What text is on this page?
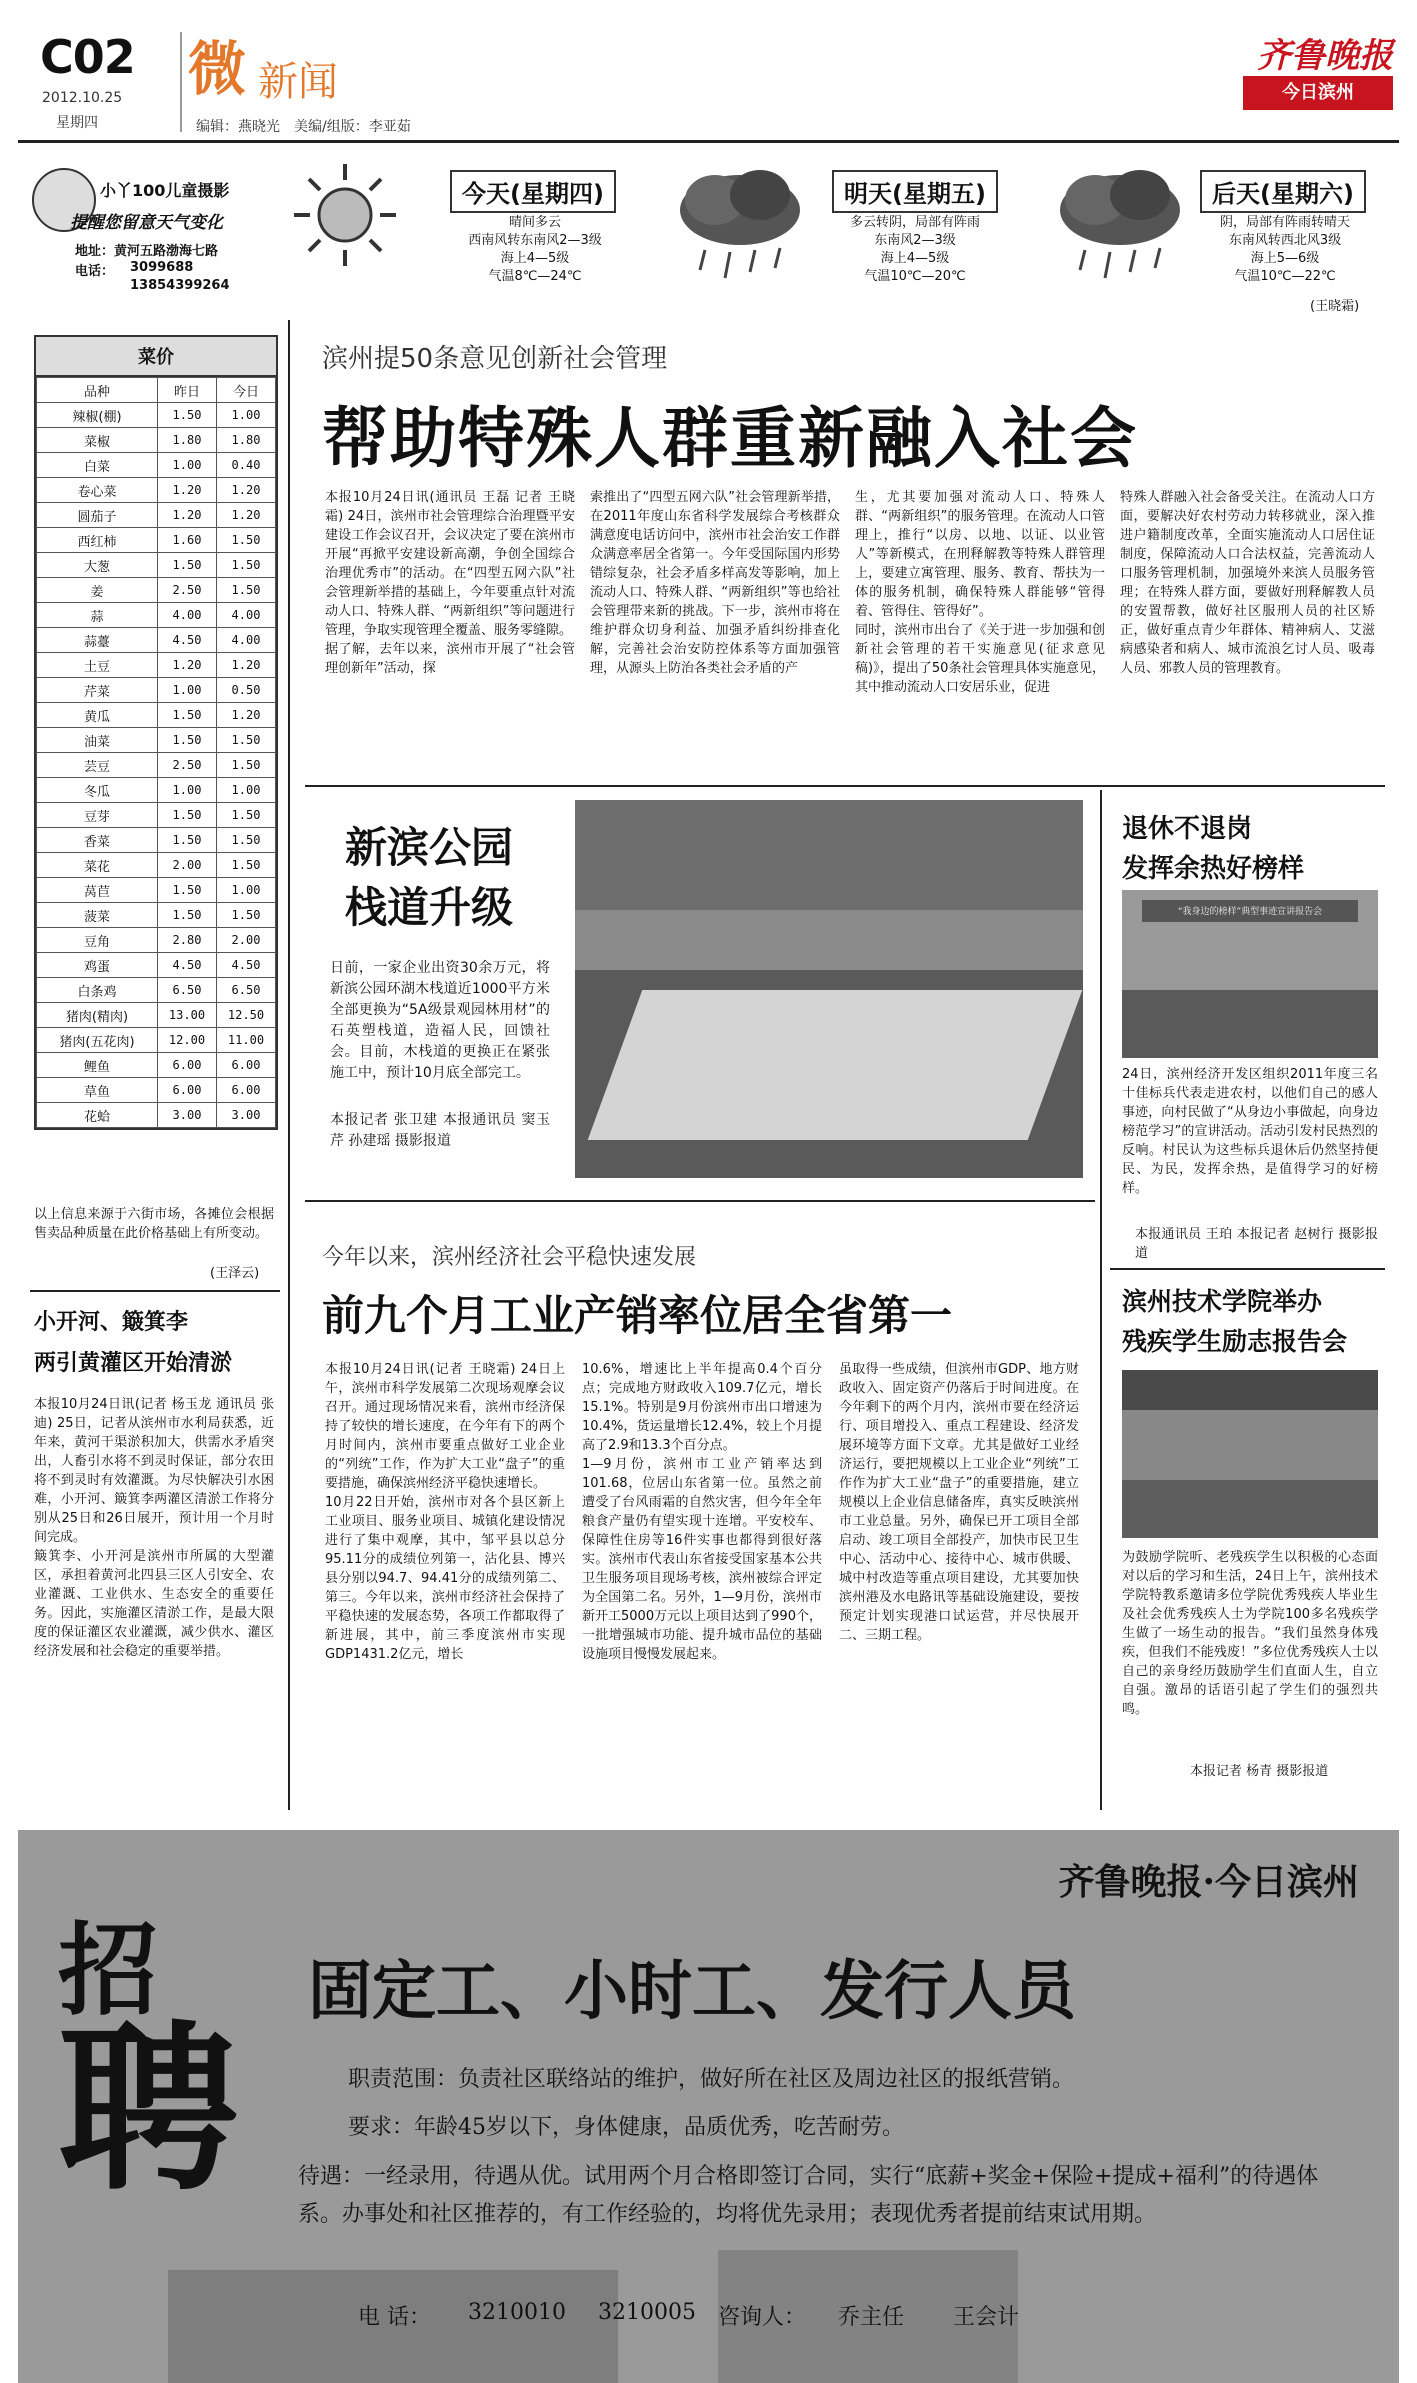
C02
2012.10.25
星期四
微 新闻
编辑：燕晓光　美编/组版：李亚茹
齐鲁晚报
今日滨州
小丫100儿童摄影
提醒您留意天气变化
地址：黄河五路渤海七路
电话： 3099688
13854399264
今天(星期四)
晴间多云
西南风转东南风2—3级
海上4—5级
气温8℃—24℃
明天(星期五)
多云转阴，局部有阵雨
东南风2—3级
海上4—5级
气温10℃—20℃
后天(星期六)
阴，局部有阵雨转晴天
东南风转西北风3级
海上5—6级
气温10℃—22℃
(王晓霜)
菜价
品种	昨日	今日
辣椒(棚)	1.50	1.00
菜椒	1.80	1.80
白菜	1.00	0.40
卷心菜	1.20	1.20
圆茄子	1.20	1.20
西红柿	1.60	1.50
大葱	1.50	1.50
姜	2.50	1.50
蒜	4.00	4.00
蒜薹	4.50	4.00
土豆	1.20	1.20
芹菜	1.00	0.50
黄瓜	1.50	1.20
油菜	1.50	1.50
芸豆	2.50	1.50
冬瓜	1.00	1.00
豆芽	1.50	1.50
香菜	1.50	1.50
菜花	2.00	1.50
莴苣	1.50	1.00
菠菜	1.50	1.50
豆角	2.80	2.00
鸡蛋	4.50	4.50
白条鸡	6.50	6.50
猪肉(精肉)	13.00	12.50
猪肉(五花肉)	12.00	11.00
鲤鱼	6.00	6.00
草鱼	6.00	6.00
花蛤	3.00	3.00
以上信息来源于六街市场，各摊位会根据售卖品种质量在此价格基础上有所变动。
(王泽云)
小开河、簸箕李
两引黄灌区开始清淤
本报10月24日讯(记者 杨玉龙 通讯员 张迪) 25日，记者从滨州市水利局获悉，近年来，黄河干渠淤积加大，供需水矛盾突出，人畜引水将不到灵时保证，部分农田将不到灵时有效灌溉。为尽快解决引水困难，小开河、簸箕李两灌区清淤工作将分别从25日和26日展开，预计用一个月时间完成。
簸箕李、小开河是滨州市所属的大型灌区，承担着黄河北四县三区人引安全、农业灌溉、工业供水、生态安全的重要任务。因此，实施灌区清淤工作，是最大限度的保证灌区农业灌溉，减少供水、灌区经济发展和社会稳定的重要举措。
滨州提50条意见创新社会管理
帮助特殊人群重新融入社会
本报10月24日讯(通讯员 王磊 记者 王晓霜) 24日，滨州市社会管理综合治理暨平安建设工作会议召开，会议决定了要在滨州市开展“再掀平安建设新高潮，争创全国综合治理优秀市”的活动。在“四型五网六队”社会管理新举措的基础上，今年要重点针对流动人口、特殊人群、“两新组织”等问题进行管理，争取实现管理全覆盖、服务零缝隙。
据了解，去年以来，滨州市开展了“社会管理创新年”活动，探
索推出了“四型五网六队”社会管理新举措，在2011年度山东省科学发展综合考核群众满意度电话访问中，滨州市社会治安工作群众满意率居全省第一。今年受国际国内形势错综复杂，社会矛盾多样高发等影响，加上流动人口、特殊人群、“两新组织”等也给社会管理带来新的挑战。下一步，滨州市将在维护群众切身利益、加强矛盾纠纷排查化解，完善社会治安防控体系等方面加强管理，从源头上防治各类社会矛盾的产
生，尤其要加强对流动人口、特殊人群、“两新组织”的服务管理。在流动人口管理上，推行“以房、以地、以证、以业管人”等新模式，在刑释解教等特殊人群管理上，要建立寓管理、服务、教育、帮扶为一体的服务机制，确保特殊人群能够“管得着、管得住、管得好”。
同时，滨州市出台了《关于进一步加强和创新社会管理的若干实施意见(征求意见稿)》，提出了50条社会管理具体实施意见，其中推动流动人口安居乐业，促进
特殊人群融入社会备受关注。在流动人口方面，要解决好农村劳动力转移就业，深入推进户籍制度改革，全面实施流动人口居住证制度，保障流动人口合法权益，完善流动人口服务管理机制，加强境外来滨人员服务管理；在特殊人群方面，要做好刑释解教人员的安置帮教，做好社区服刑人员的社区矫正，做好重点青少年群体、精神病人、艾滋病感染者和病人、城市流浪乞讨人员、吸毒人员、邪教人员的管理教育。
新滨公园
栈道升级
日前，一家企业出资30余万元，将新滨公园环湖木栈道近1000平方米全部更换为“5A级景观园林用材”的石英塑栈道，造福人民，回馈社会。目前，木栈道的更换正在紧张施工中，预计10月底全部完工。
本报记者 张卫建 本报通讯员 窦玉芹 孙建瑶 摄影报道
退休不退岗
发挥余热好榜样
“我身边的榜样”典型事迹宣讲报告会
24日，滨州经济开发区组织2011年度三名十佳标兵代表走进农村，以他们自己的感人事迹，向村民做了“从身边小事做起，向身边榜范学习”的宣讲活动。活动引发村民热烈的反响。村民认为这些标兵退休后仍然坚持便民、为民，发挥余热，是值得学习的好榜样。
本报通讯员 王珀 本报记者 赵树行 摄影报道
滨州技术学院举办
残疾学生励志报告会
为鼓励学院听、老残疾学生以积极的心态面对以后的学习和生活，24日上午，滨州技术学院特教系邀请多位学院优秀残疾人毕业生及社会优秀残疾人士为学院100多名残疾学生做了一场生动的报告。“我们虽然身体残疾，但我们不能残废！”多位优秀残疾人士以自己的亲身经历鼓励学生们直面人生，自立自强。激昂的话语引起了学生们的强烈共鸣。
本报记者 杨青 摄影报道
今年以来，滨州经济社会平稳快速发展
前九个月工业产销率位居全省第一
本报10月24日讯(记者 王晓霜) 24日上午，滨州市科学发展第二次现场观摩会议召开。通过现场情况来看，滨州市经济保持了较快的增长速度，在今年有下的两个月时间内，滨州市要重点做好工业企业的“列统”工作，作为扩大工业“盘子”的重要措施，确保滨州经济平稳快速增长。
10月22日开始，滨州市对各个县区新上工业项目、服务业项目、城镇化建设情况进行了集中观摩，其中，邹平县以总分95.11分的成绩位列第一，沾化县、博兴县分别以94.7、94.41分的成绩列第二、第三。今年以来，滨州市经济社会保持了平稳快速的发展态势，各项工作都取得了新进展，其中，前三季度滨州市实现GDP1431.2亿元，增长
10.6%，增速比上半年提高0.4个百分点；完成地方财政收入109.7亿元，增长15.1%。特别是9月份滨州市出口增速为10.4%，货运量增长12.4%，较上个月提高了2.9和13.3个百分点。
1—9月份，滨州市工业产销率达到101.68，位居山东省第一位。虽然之前遭受了台风雨霜的自然灾害，但今年全年粮食产量仍有望实现十连增。平安校车、保障性住房等16件实事也都得到很好落实。滨州市代表山东省接受国家基本公共卫生服务项目现场考核，滨州被综合评定为全国第二名。另外，1—9月份，滨州市新开工5000万元以上项目达到了990个，一批增强城市功能、提升城市品位的基础设施项目慢慢发展起来。
虽取得一些成绩，但滨州市GDP、地方财政收入、固定资产仍落后于时间进度。在今年剩下的两个月内，滨州市要在经济运行、项目增投入、重点工程建设、经济发展环境等方面下文章。尤其是做好工业经济运行，要把规模以上工业企业“列统”工作作为扩大工业“盘子”的重要措施，建立规模以上企业信息储备库，真实反映滨州市工业总量。另外，确保已开工项目全部启动、竣工项目全部投产，加快市民卫生中心、活动中心、接待中心、城市供暖、城中村改造等重点项目建设，尤其要加快滨州港及水电路讯等基础设施建设，要按预定计划实现港口试运营，并尽快展开二、三期工程。
齐鲁晚报·今日滨州
招
聘
固定工、小时工、发行人员
职责范围：负责社区联络站的维护，做好所在社区及周边社区的报纸营销。
要求：年龄45岁以下，身体健康，品质优秀，吃苦耐劳。
待遇：一经录用，待遇从优。试用两个月合格即签订合同，实行“底薪+奖金+保险+提成+福利”的待遇体系。办事处和社区推荐的，有工作经验的，均将优先录用；表现优秀者提前结束试用期。
电 话： 3210010 3210005 咨询人： 乔主任 王会计
